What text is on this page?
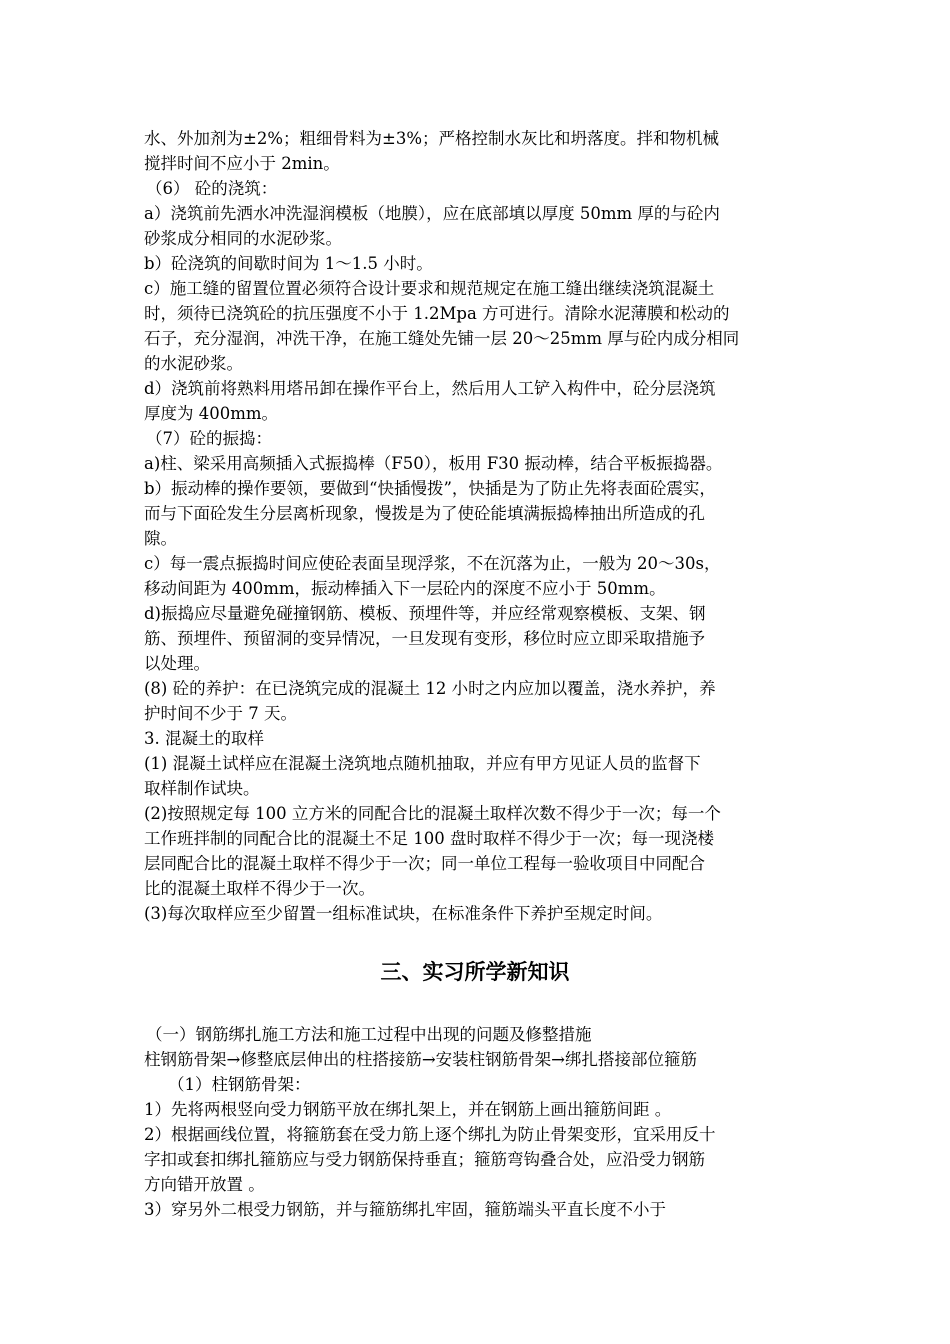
水、外加剂为±2%；粗细骨料为±3%；严格控制水灰比和坍落度。拌和物机械
搅拌时间不应小于 2min。
（6） 砼的浇筑：
a）浇筑前先洒水冲洗湿润模板（地膜），应在底部填以厚度 50mm 厚的与砼内
砂浆成分相同的水泥砂浆。
b）砼浇筑的间歇时间为 1～1.5 小时。
c）施工缝的留置位置必须符合设计要求和规范规定在施工缝出继续浇筑混凝土
时，须待已浇筑砼的抗压强度不小于 1.2Mpa 方可进行。清除水泥薄膜和松动的
石子，充分湿润，冲洗干净，在施工缝处先铺一层 20～25mm 厚与砼内成分相同
的水泥砂浆。
d）浇筑前将熟料用塔吊卸在操作平台上，然后用人工铲入构件中，砼分层浇筑
厚度为 400mm。
（7）砼的振捣：
a)柱、梁采用高频插入式振捣棒（F50），板用 F30 振动棒，结合平板振捣器。
b）振动棒的操作要领，要做到“快插慢拨”，快插是为了防止先将表面砼震实，
而与下面砼发生分层离析现象，慢拨是为了使砼能填满振捣棒抽出所造成的孔
隙。
c）每一震点振捣时间应使砼表面呈现浮浆，不在沉落为止，一般为 20～30s，
移动间距为 400mm，振动棒插入下一层砼内的深度不应小于 50mm。
d)振捣应尽量避免碰撞钢筋、模板、预埋件等，并应经常观察模板、支架、钢
筋、预埋件、预留洞的变异情况，一旦发现有变形，移位时应立即采取措施予
以处理。
(8) 砼的养护：在已浇筑完成的混凝土 12 小时之内应加以覆盖，浇水养护，养
护时间不少于 7 天。
3. 混凝土的取样
(1) 混凝土试样应在混凝土浇筑地点随机抽取，并应有甲方见证人员的监督下
取样制作试块。
(2)按照规定每 100 立方米的同配合比的混凝土取样次数不得少于一次；每一个
工作班拌制的同配合比的混凝土不足 100 盘时取样不得少于一次；每一现浇楼
层同配合比的混凝土取样不得少于一次；同一单位工程每一验收项目中同配合
比的混凝土取样不得少于一次。
(3)每次取样应至少留置一组标准试块，在标准条件下养护至规定时间。
三、实习所学新知识
（一）钢筋绑扎施工方法和施工过程中出现的问题及修整措施
柱钢筋骨架→修整底层伸出的柱搭接筋→安装柱钢筋骨架→绑扎搭接部位箍筋
（1）柱钢筋骨架：
1）先将两根竖向受力钢筋平放在绑扎架上，并在钢筋上画出箍筋间距 。
2）根据画线位置，将箍筋套在受力筋上逐个绑扎为防止骨架变形，宜采用反十
字扣或套扣绑扎箍筋应与受力钢筋保持垂直；箍筋弯钩叠合处，应沿受力钢筋
方向错开放置 。
3）穿另外二根受力钢筋，并与箍筋绑扎牢固，箍筋端头平直长度不小于
